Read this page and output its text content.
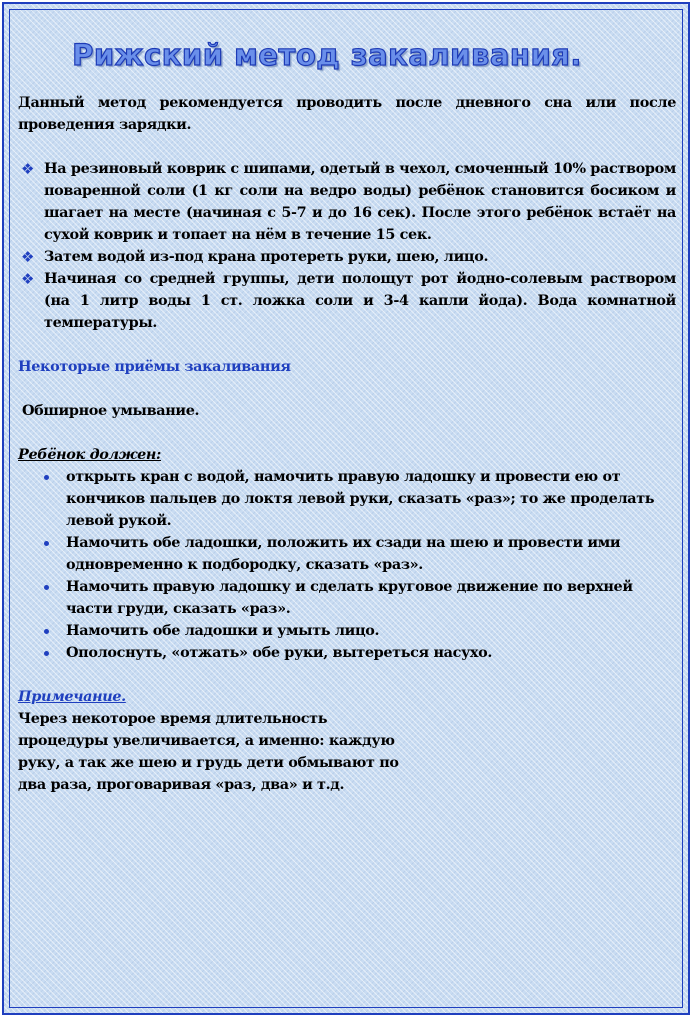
Рижский метод закаливания.

Данный метод рекомендуется проводить после дневного сна или после проведения зарядки.

❖ На резиновый коврик с шипами, одетый в чехол, смоченный 10% раствором поваренной соли (1 кг соли на ведро воды) ребёнок становится босиком и шагает на месте (начиная с 5-7 и до 16 сек). После этого ребёнок встаёт на сухой коврик и топает на нём в течение 15 сек.
❖ Затем водой из-под крана протереть руки, шею, лицо.
❖ Начиная со средней группы, дети полощут рот йодно-солевым раствором (на 1 литр воды 1 ст. ложка соли и 3-4 капли йода). Вода комнатной температуры.

Некоторые приёмы закаливания

Обширное умывание.

Ребёнок должен:

открыть кран с водой, намочить правую ладошку и провести ею от кончиков пальцев до локтя левой руки, сказать «раз»; то же проделать левой рукой.
Намочить обе ладошки, положить их сзади на шею и провести ими одновременно к подбородку, сказать «раз».
Намочить правую ладошку и сделать круговое движение по верхней части груди, сказать «раз».
Намочить обе ладошки и умыть лицо.
Ополоснуть, «отжать» обе руки, вытереться насухо.

Примечание.

Через некоторое время длительность процедуры увеличивается, а именно: каждую руку, а так же шею и грудь дети обмывают по два раза, проговаривая «раз, два» и т.д.
